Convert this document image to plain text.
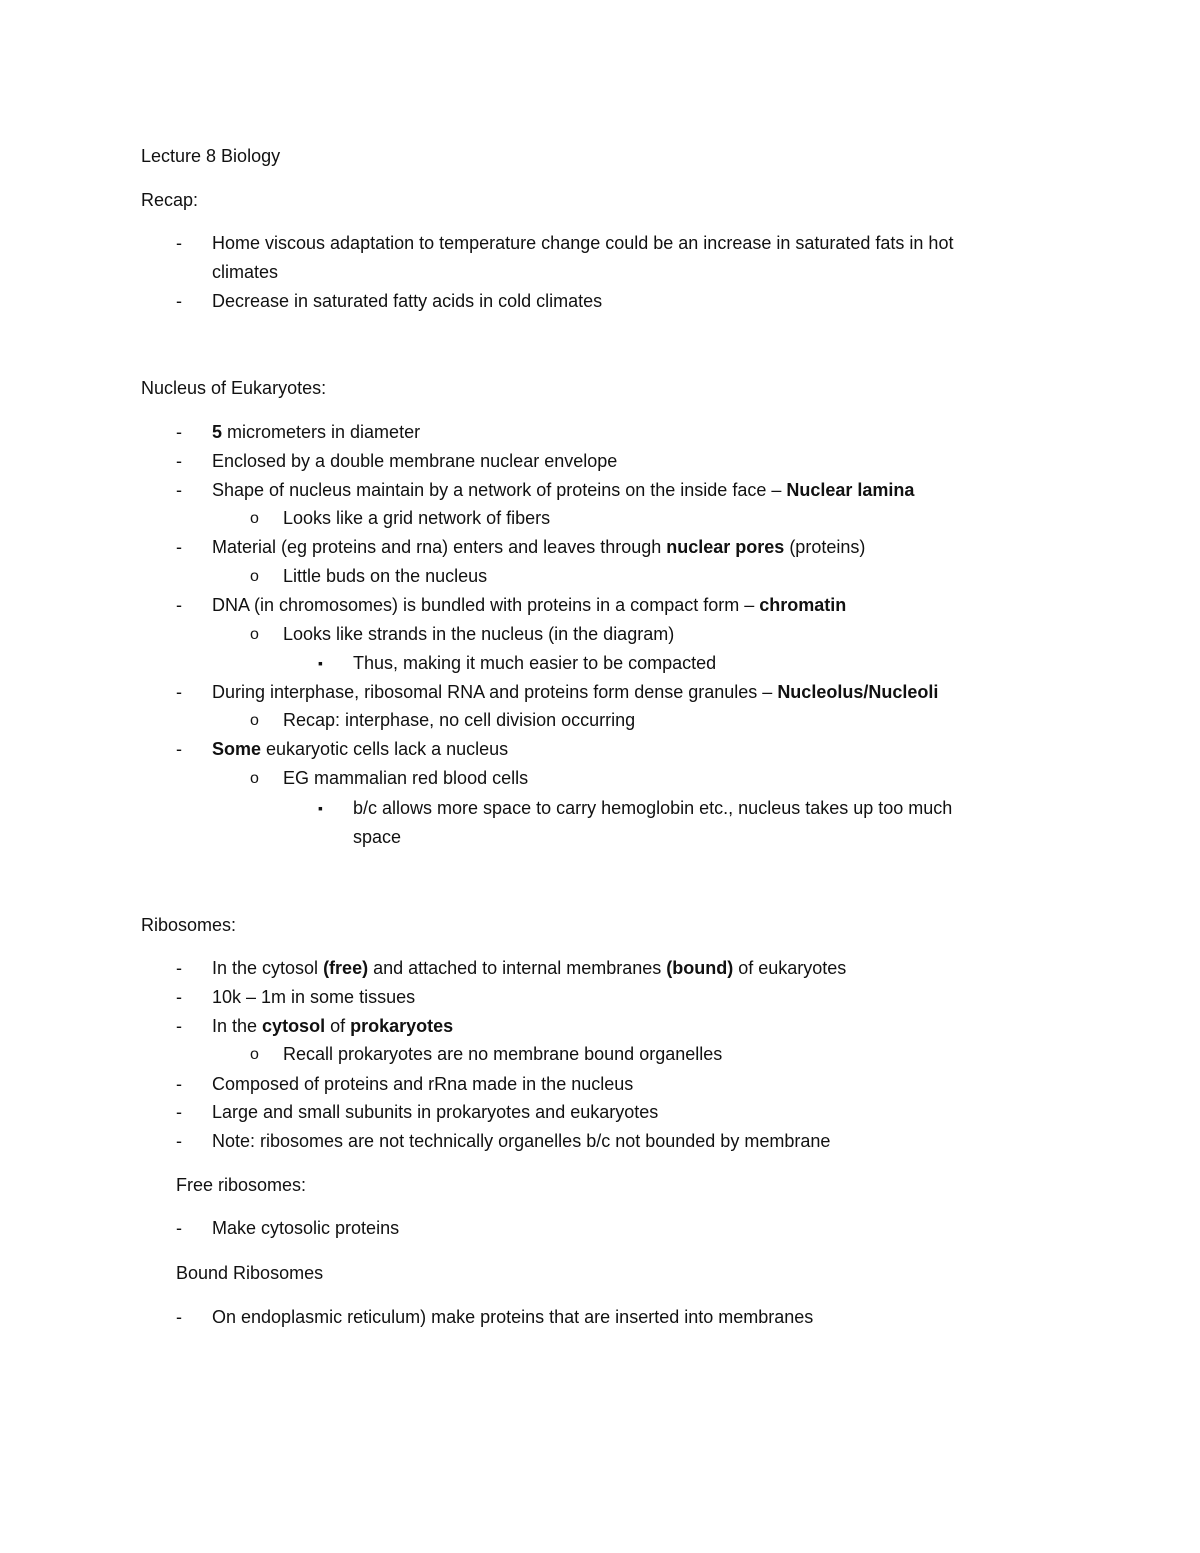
Lecture 8 Biology
Recap:
- Home viscous adaptation to temperature change could be an increase in saturated fats in hot
climates
- Decrease in saturated fatty acids in cold climates
Nucleus of Eukaryotes:
- 5 micrometers in diameter
- Enclosed by a double membrane nuclear envelope
- Shape of nucleus maintain by a network of proteins on the inside face – Nuclear lamina
o Looks like a grid network of fibers
- Material (eg proteins and rna) enters and leaves through nuclear pores (proteins)
o Little buds on the nucleus
- DNA (in chromosomes) is bundled with proteins in a compact form – chromatin
o Looks like strands in the nucleus (in the diagram)
▪ Thus, making it much easier to be compacted
- During interphase, ribosomal RNA and proteins form dense granules – Nucleolus/Nucleoli
o Recap: interphase, no cell division occurring
- Some eukaryotic cells lack a nucleus
o EG mammalian red blood cells
▪ b/c allows more space to carry hemoglobin etc., nucleus takes up too much
space
Ribosomes:
- In the cytosol (free) and attached to internal membranes (bound) of eukaryotes
- 10k – 1m in some tissues
- In the cytosol of prokaryotes
o Recall prokaryotes are no membrane bound organelles
- Composed of proteins and rRna made in the nucleus
- Large and small subunits in prokaryotes and eukaryotes
- Note: ribosomes are not technically organelles b/c not bounded by membrane
Free ribosomes:
- Make cytosolic proteins
Bound Ribosomes
- On endoplasmic reticulum) make proteins that are inserted into membranes
